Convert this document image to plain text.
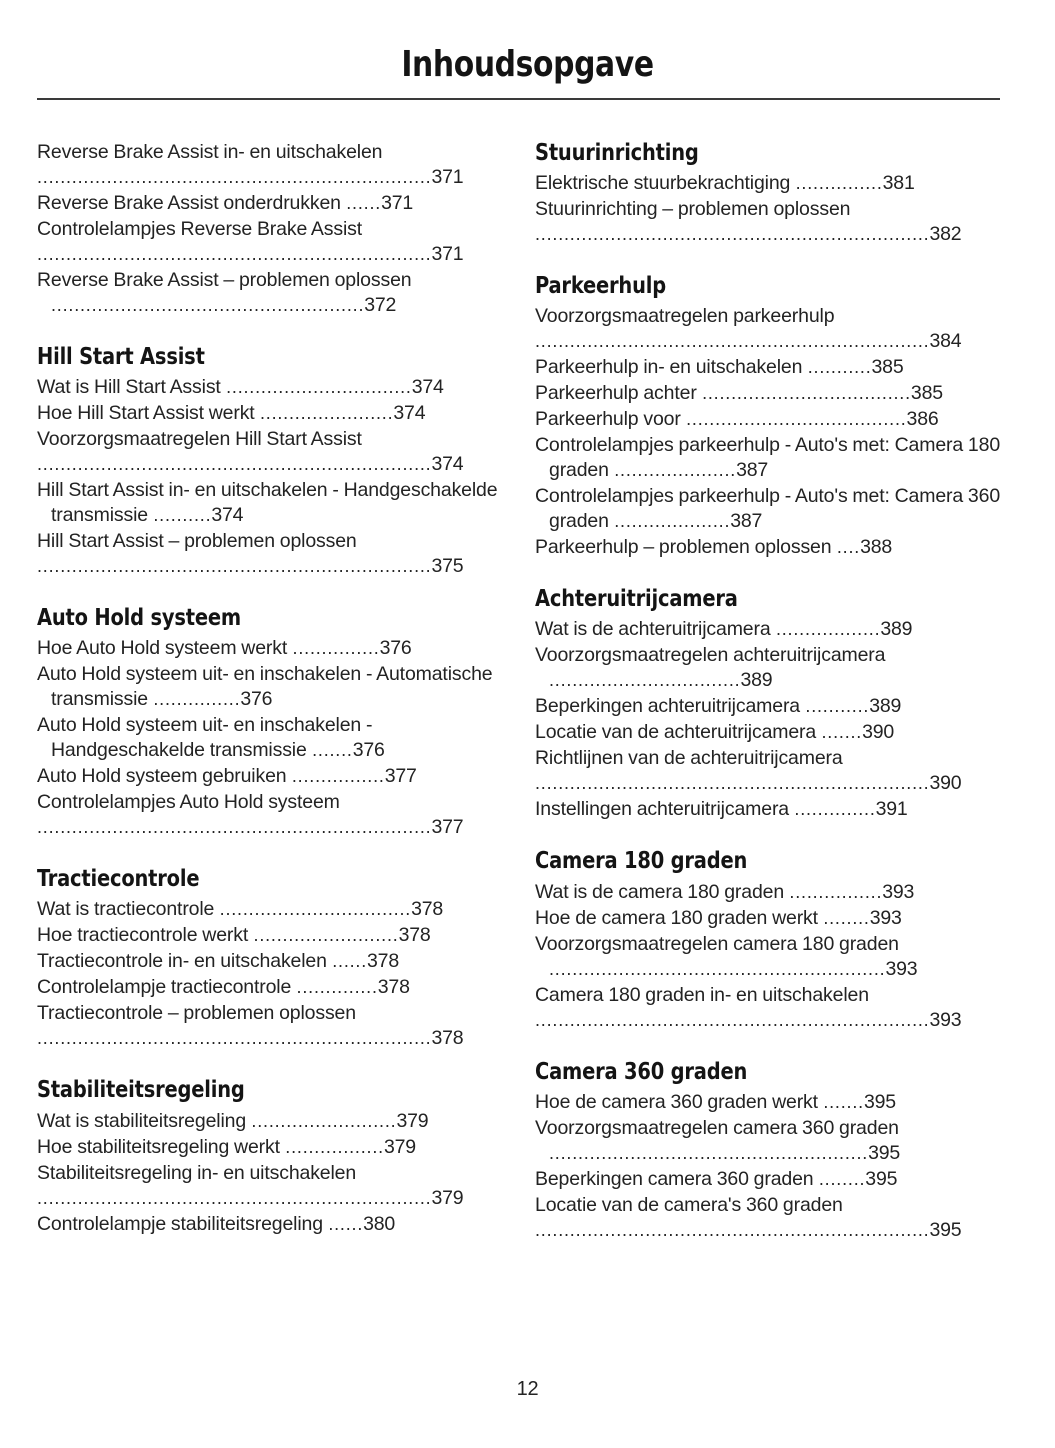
Inhoudsopgave
Reverse Brake Assist in- en uitschakelen ....................................................................371
Reverse Brake Assist onderdrukken ......371
Controlelampjes Reverse Brake Assist ....................................................................371
Reverse Brake Assist – problemen oplossen ......................................................372
Hill Start Assist
Wat is Hill Start Assist ................................374
Hoe Hill Start Assist werkt .......................374
Voorzorgsmaatregelen Hill Start Assist ....................................................................374
Hill Start Assist in- en uitschakelen - Handgeschakelde transmissie ..........374
Hill Start Assist – problemen oplossen ....................................................................375
Auto Hold systeem
Hoe Auto Hold systeem werkt ...............376
Auto Hold systeem uit- en inschakelen - Automatische transmissie ...............376
Auto Hold systeem uit- en inschakelen - Handgeschakelde transmissie .......376
Auto Hold systeem gebruiken ................377
Controlelampjes Auto Hold systeem ....................................................................377
Tractiecontrole
Wat is tractiecontrole .................................378
Hoe tractiecontrole werkt .........................378
Tractiecontrole in- en uitschakelen ......378
Controlelampje tractiecontrole ..............378
Tractiecontrole – problemen oplossen ....................................................................378
Stabiliteitsregeling
Wat is stabiliteitsregeling .........................379
Hoe stabiliteitsregeling werkt .................379
Stabiliteitsregeling in- en uitschakelen ....................................................................379
Controlelampje stabiliteitsregeling ......380
Stuurinrichting
Elektrische stuurbekrachtiging ...............381
Stuurinrichting – problemen oplossen ....................................................................382
Parkeerhulp
Voorzorgsmaatregelen parkeerhulp ....................................................................384
Parkeerhulp in- en uitschakelen ...........385
Parkeerhulp achter ....................................385
Parkeerhulp voor ......................................386
Controlelampjes parkeerhulp - Auto's met: Camera 180 graden .....................387
Controlelampjes parkeerhulp - Auto's met: Camera 360 graden ....................387
Parkeerhulp – problemen oplossen ....388
Achteruitrijcamera
Wat is de achteruitrijcamera ..................389
Voorzorgsmaatregelen achteruitrijcamera .................................389
Beperkingen achteruitrijcamera ...........389
Locatie van de achteruitrijcamera .......390
Richtlijnen van de achteruitrijcamera ....................................................................390
Instellingen achteruitrijcamera ..............391
Camera 180 graden
Wat is de camera 180 graden ................393
Hoe de camera 180 graden werkt ........393
Voorzorgsmaatregelen camera 180 graden ..........................................................393
Camera 180 graden in- en uitschakelen ....................................................................393
Camera 360 graden
Hoe de camera 360 graden werkt .......395
Voorzorgsmaatregelen camera 360 graden .......................................................395
Beperkingen camera 360 graden ........395
Locatie van de camera's 360 graden ....................................................................395
12
